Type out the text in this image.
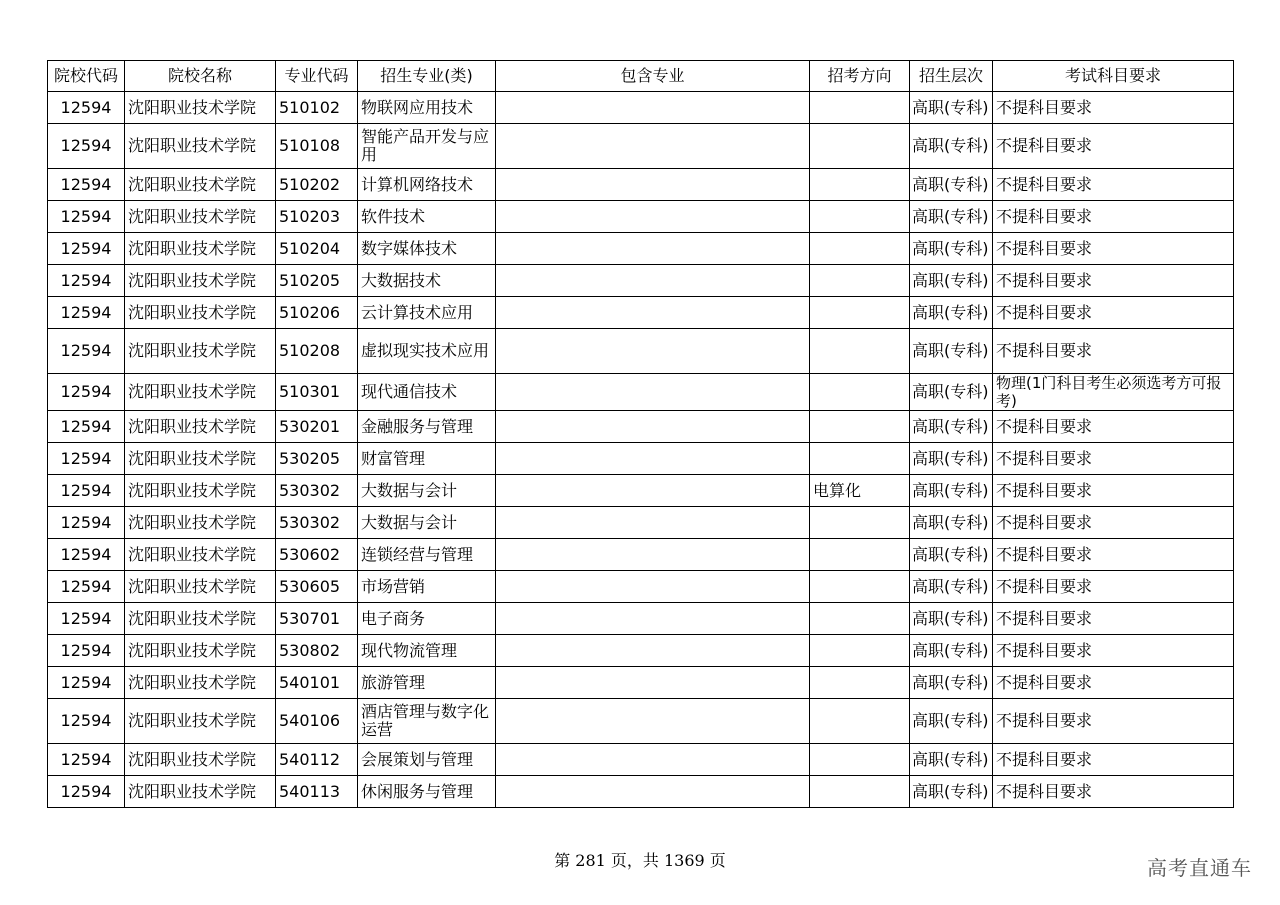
院校代码	院校名称	专业代码	招生专业(类)	包含专业	招考方向	招生层次	考试科目要求
12594	沈阳职业技术学院	510102	物联网应用技术			高职(专科)	不提科目要求
12594	沈阳职业技术学院	510108	智能产品开发与应用			高职(专科)	不提科目要求
12594	沈阳职业技术学院	510202	计算机网络技术			高职(专科)	不提科目要求
12594	沈阳职业技术学院	510203	软件技术			高职(专科)	不提科目要求
12594	沈阳职业技术学院	510204	数字媒体技术			高职(专科)	不提科目要求
12594	沈阳职业技术学院	510205	大数据技术			高职(专科)	不提科目要求
12594	沈阳职业技术学院	510206	云计算技术应用			高职(专科)	不提科目要求
12594	沈阳职业技术学院	510208	虚拟现实技术应用			高职(专科)	不提科目要求
12594	沈阳职业技术学院	510301	现代通信技术			高职(专科)	物理(1门科目考生必须选考方可报考)
12594	沈阳职业技术学院	530201	金融服务与管理			高职(专科)	不提科目要求
12594	沈阳职业技术学院	530205	财富管理			高职(专科)	不提科目要求
12594	沈阳职业技术学院	530302	大数据与会计		电算化	高职(专科)	不提科目要求
12594	沈阳职业技术学院	530302	大数据与会计			高职(专科)	不提科目要求
12594	沈阳职业技术学院	530602	连锁经营与管理			高职(专科)	不提科目要求
12594	沈阳职业技术学院	530605	市场营销			高职(专科)	不提科目要求
12594	沈阳职业技术学院	530701	电子商务			高职(专科)	不提科目要求
12594	沈阳职业技术学院	530802	现代物流管理			高职(专科)	不提科目要求
12594	沈阳职业技术学院	540101	旅游管理			高职(专科)	不提科目要求
12594	沈阳职业技术学院	540106	酒店管理与数字化运营			高职(专科)	不提科目要求
12594	沈阳职业技术学院	540112	会展策划与管理			高职(专科)	不提科目要求
12594	沈阳职业技术学院	540113	休闲服务与管理			高职(专科)	不提科目要求
第 281 页，共 1369 页	高考直通车
